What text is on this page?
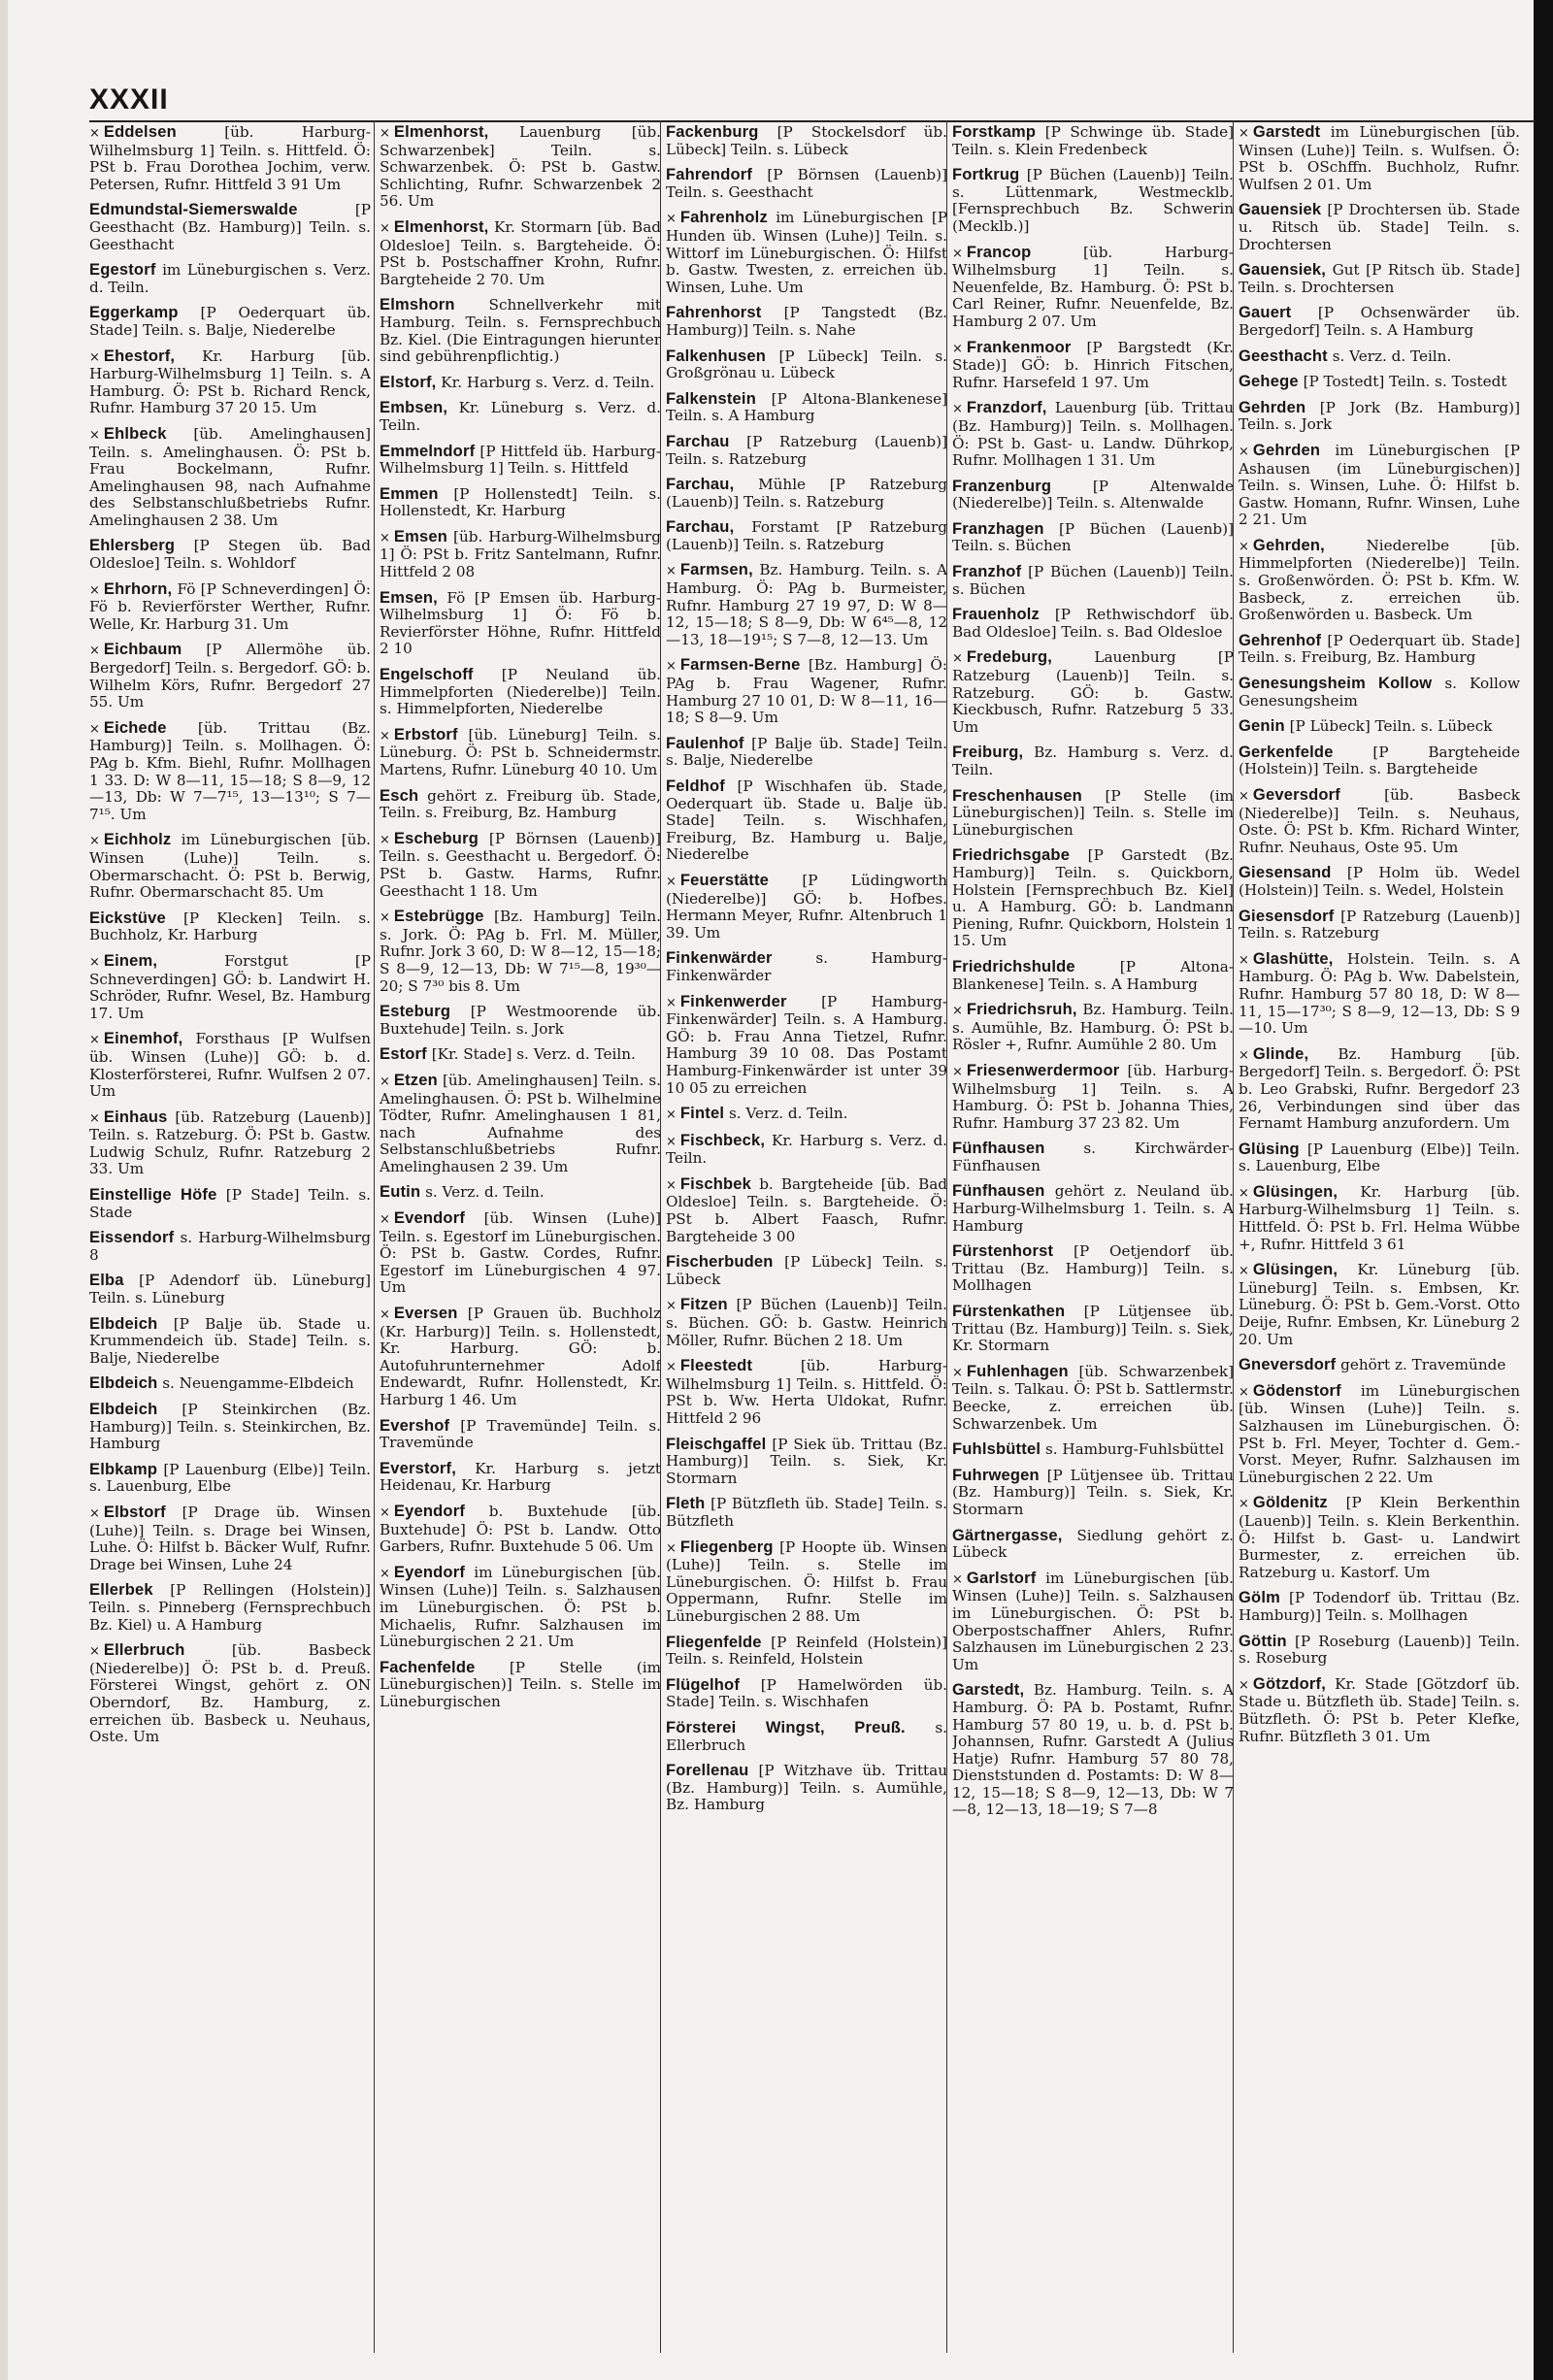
XXXII
× Eddelsen	[üb. Harburg-Wilhelmsburg 1] Teiln. s. Hittfeld. Ö: PSt b. Frau Dorothea Jochim, verw. Petersen, Rufnr. Hittfeld 3 91 Um
Edmundstal-Siemerswalde	[P Geesthacht (Bz. Hamburg)] Teiln. s. Geesthacht
Egestorf im Lüneburgischen s. Verz. d. Teiln.
Eggerkamp [P Oederquart üb. Stade] Teiln. s. Balje, Niederelbe
× Ehestorf, Kr. Harburg [üb. Harburg-Wilhelmsburg 1] Teiln. s. A Hamburg. Ö: PSt b. Richard Renck, Rufnr. Hamburg 37 20 15. Um
× Ehlbeck [üb. Amelinghausen] Teiln. s. Amelinghausen. Ö: PSt b. Frau Bockelmann, Rufnr. Amelinghausen 98, nach Aufnahme des Selbstanschlußbetriebs Rufnr. Amelinghausen 2 38. Um
Ehlersberg [P Stegen üb. Bad Oldesloe] Teiln. s. Wohldorf
× Ehrhorn, Fö [P Schneverdingen] Ö: Fö b. Revierförster Werther, Rufnr. Welle, Kr. Harburg 31. Um
× Eichbaum [P Allermöhe üb. Bergedorf] Teiln. s. Bergedorf. GÖ: b. Wilhelm Körs, Rufnr. Bergedorf 27 55. Um
× Eichede [üb. Trittau (Bz. Hamburg)] Teiln. s. Mollhagen. Ö: PAg b. Kfm. Biehl, Rufnr. Mollhagen 1 33. D: W 8—11, 15—18; S 8—9, 12—13, Db: W 7—7¹⁵, 13—13¹⁰; S 7—7¹⁵. Um
× Eichholz im Lüneburgischen [üb. Winsen (Luhe)] Teiln. s. Obermarschacht. Ö: PSt b. Berwig, Rufnr. Obermarschacht 85. Um
Eickstüve [P Klecken] Teiln. s. Buchholz, Kr. Harburg
× Einem,	Forstgut [P Schneverdingen] GÖ: b. Landwirt H. Schröder, Rufnr. Wesel, Bz. Hamburg 17. Um
× Einemhof, Forsthaus [P Wulfsen üb. Winsen (Luhe)] GÖ: b. d. Klosterförsterei, Rufnr. Wulfsen 2 07. Um
× Einhaus [üb. Ratzeburg (Lauenb)] Teiln. s. Ratzeburg. Ö: PSt b. Gastw. Ludwig Schulz, Rufnr. Ratzeburg 2 33. Um
Einstellige Höfe [P Stade] Teiln. s. Stade
Eissendorf s. Harburg-Wilhelmsburg 8
Elba [P Adendorf üb. Lüneburg] Teiln. s. Lüneburg
Elbdeich [P Balje üb. Stade u. Krummendeich üb. Stade] Teiln. s. Balje, Niederelbe
Elbdeich s. Neuengamme-Elbdeich
Elbdeich [P Steinkirchen (Bz. Hamburg)] Teiln. s. Steinkirchen, Bz. Hamburg
Elbkamp [P Lauenburg (Elbe)] Teiln. s. Lauenburg, Elbe
× Elbstorf [P Drage üb. Winsen (Luhe)] Teiln. s. Drage bei Winsen, Luhe. Ö: Hilfst b. Bäcker Wulf, Rufnr. Drage bei Winsen, Luhe 24
Ellerbek [P Rellingen (Holstein)] Teiln. s. Pinneberg (Fernsprechbuch Bz. Kiel) u. A Hamburg
× Ellerbruch	[üb. Basbeck (Niederelbe)] Ö: PSt b. d. Preuß. Försterei Wingst, gehört z. ON Oberndorf, Bz. Hamburg, z. erreichen üb. Basbeck u. Neuhaus, Oste. Um
× Elmenhorst, Lauenburg [üb. Schwarzenbek] Teiln. s. Schwarzenbek. Ö: PSt b. Gastw. Schlichting, Rufnr. Schwarzenbek 2 56. Um
× Elmenhorst, Kr. Stormarn [üb. Bad Oldesloe] Teiln. s. Bargteheide. Ö: PSt b. Postschaffner Krohn, Rufnr. Bargteheide 2 70. Um
Elmshorn Schnellverkehr mit Hamburg. Teiln. s. Fernsprechbuch Bz. Kiel. (Die Eintragungen hierunter sind gebührenpflichtig.)
Elstorf, Kr. Harburg s. Verz. d. Teiln.
Embsen, Kr. Lüneburg s. Verz. d. Teiln.
Emmelndorf [P Hittfeld üb. Harburg-Wilhelmsburg 1] Teiln. s. Hittfeld
Emmen [P Hollenstedt] Teiln. s. Hollenstedt, Kr. Harburg
× Emsen [üb. Harburg-Wilhelmsburg 1] Ö: PSt b. Fritz Santelmann, Rufnr. Hittfeld 2 08
Emsen, Fö [P Emsen üb. Harburg-Wilhelmsburg 1] Ö: Fö b. Revierförster Höhne, Rufnr. Hittfeld 2 10
Engelschoff [P Neuland üb. Himmelpforten (Niederelbe)] Teiln. s. Himmelpforten, Niederelbe
× Erbstorf [üb. Lüneburg] Teiln. s. Lüneburg. Ö: PSt b. Schneidermstr. Martens, Rufnr. Lüneburg 40 10. Um
Esch gehört z. Freiburg üb. Stade, Teiln. s. Freiburg, Bz. Hamburg
× Escheburg [P Börnsen (Lauenb)] Teiln. s. Geesthacht u. Bergedorf. Ö: PSt b. Gastw. Harms, Rufnr. Geesthacht 1 18. Um
× Estebrügge [Bz. Hamburg] Teiln. s. Jork. Ö: PAg b. Frl. M. Müller, Rufnr. Jork 3 60, D: W 8—12, 15—18; S 8—9, 12—13, Db: W 7¹⁵—8, 19³⁰—20; S 7³⁰ bis 8. Um
Esteburg [P Westmoorende üb. Buxtehude] Teiln. s. Jork
Estorf [Kr. Stade] s. Verz. d. Teiln.
× Etzen [üb. Amelinghausen] Teiln. s. Amelinghausen. Ö: PSt b. Wilhelmine Tödter, Rufnr. Amelinghausen 1 81, nach Aufnahme des Selbstanschlußbetriebs Rufnr. Amelinghausen 2 39. Um
Eutin s. Verz. d. Teiln.
× Evendorf [üb. Winsen (Luhe)] Teiln. s. Egestorf im Lüneburgischen. Ö: PSt b. Gastw. Cordes, Rufnr. Egestorf im Lüneburgischen 4 97. Um
× Eversen [P Grauen üb. Buchholz (Kr. Harburg)] Teiln. s. Hollenstedt, Kr. Harburg. GÖ: b. Autofuhrunternehmer Adolf Endewardt, Rufnr. Hollenstedt, Kr. Harburg 1 46. Um
Evershof [P Travemünde] Teiln. s. Travemünde
Everstorf, Kr. Harburg s. jetzt Heidenau, Kr. Harburg
× Eyendorf b. Buxtehude [üb. Buxtehude] Ö: PSt b. Landw. Otto Garbers, Rufnr. Buxtehude 5 06. Um
× Eyendorf im Lüneburgischen [üb. Winsen (Luhe)] Teiln. s. Salzhausen im Lüneburgischen. Ö: PSt b. Michaelis, Rufnr. Salzhausen im Lüneburgischen 2 21. Um
Fachenfelde [P Stelle (im Lüneburgischen)] Teiln. s. Stelle im Lüneburgischen
Fackenburg [P Stockelsdorf üb. Lübeck] Teiln. s. Lübeck
Fahrendorf [P Börnsen (Lauenb)] Teiln. s. Geesthacht
× Fahrenholz im Lüneburgischen [P Hunden üb. Winsen (Luhe)] Teiln. s. Wittorf im Lüneburgischen. Ö: Hilfst b. Gastw. Twesten, z. erreichen üb. Winsen, Luhe. Um
Fahrenhorst [P Tangstedt (Bz. Hamburg)] Teiln. s. Nahe
Falkenhusen [P Lübeck] Teiln. s. Großgrönau u. Lübeck
Falkenstein [P Altona-Blankenese] Teiln. s. A Hamburg
Farchau [P Ratzeburg (Lauenb)] Teiln. s. Ratzeburg
Farchau, Mühle [P Ratzeburg (Lauenb)] Teiln. s. Ratzeburg
Farchau, Forstamt [P Ratzeburg (Lauenb)] Teiln. s. Ratzeburg
× Farmsen, Bz. Hamburg. Teiln. s. A Hamburg. Ö: PAg b. Burmeister, Rufnr. Hamburg 27 19 97, D: W 8—12, 15—18; S 8—9, Db: W 6⁴⁵—8, 12—13, 18—19¹⁵; S 7—8, 12—13. Um
× Farmsen-Berne [Bz. Hamburg] Ö: PAg b. Frau Wagener, Rufnr. Hamburg 27 10 01, D: W 8—11, 16—18; S 8—9. Um
Faulenhof [P Balje üb. Stade] Teiln. s. Balje, Niederelbe
Feldhof [P Wischhafen üb. Stade, Oederquart üb. Stade u. Balje üb. Stade] Teiln. s. Wischhafen, Freiburg, Bz. Hamburg u. Balje, Niederelbe
× Feuerstätte [P Lüdingworth (Niederelbe)] GÖ: b. Hofbes. Hermann Meyer, Rufnr. Altenbruch 1 39. Um
Finkenwärder	s. Hamburg-Finkenwärder
× Finkenwerder [P Hamburg-Finkenwärder] Teiln. s. A Hamburg. GÖ: b. Frau Anna Tietzel, Rufnr. Hamburg 39 10 08. Das Postamt Hamburg-Finkenwärder ist unter 39 10 05 zu erreichen
× Fintel s. Verz. d. Teiln.
× Fischbeck, Kr. Harburg s. Verz. d. Teiln.
× Fischbek b. Bargteheide [üb. Bad Oldesloe] Teiln. s. Bargteheide. Ö: PSt b. Albert Faasch, Rufnr. Bargteheide 3 00
Fischerbuden [P Lübeck] Teiln. s. Lübeck
× Fitzen [P Büchen (Lauenb)] Teiln. s. Büchen. GÖ: b. Gastw. Heinrich Möller, Rufnr. Büchen 2 18. Um
× Fleestedt	[üb. Harburg-Wilhelmsburg 1] Teiln. s. Hittfeld. Ö: PSt b. Ww. Herta Uldokat, Rufnr. Hittfeld 2 96
Fleischgaffel [P Siek üb. Trittau (Bz. Hamburg)] Teiln. s. Siek, Kr. Stormarn
Fleth [P Bützfleth üb. Stade] Teiln. s. Bützfleth
× Fliegenberg [P Hoopte üb. Winsen (Luhe)] Teiln. s. Stelle im Lüneburgischen. Ö: Hilfst b. Frau Oppermann, Rufnr. Stelle im Lüneburgischen 2 88. Um
Fliegenfelde [P Reinfeld (Holstein)] Teiln. s. Reinfeld, Holstein
Flügelhof [P Hamelwörden üb. Stade] Teiln. s. Wischhafen
Försterei Wingst, Preuß. s. Ellerbruch
Forellenau [P Witzhave üb. Trittau (Bz. Hamburg)] Teiln. s. Aumühle, Bz. Hamburg
Forstkamp [P Schwinge üb. Stade] Teiln. s. Klein Fredenbeck
Fortkrug [P Büchen (Lauenb)] Teiln. s. Lüttenmark, Westmecklb. [Fernsprechbuch Bz. Schwerin (Mecklb.)]
× Francop	[üb. Harburg-Wilhelmsburg 1] Teiln. s. Neuenfelde, Bz. Hamburg. Ö: PSt b. Carl Reiner, Rufnr. Neuenfelde, Bz. Hamburg 2 07. Um
× Frankenmoor [P Bargstedt (Kr. Stade)] GÖ: b. Hinrich Fitschen, Rufnr. Harsefeld 1 97. Um
× Franzdorf, Lauenburg [üb. Trittau (Bz. Hamburg)] Teiln. s. Mollhagen. Ö: PSt b. Gast- u. Landw. Dührkop, Rufnr. Mollhagen 1 31. Um
Franzenburg	[P Altenwalde (Niederelbe)] Teiln. s. Altenwalde
Franzhagen [P Büchen (Lauenb)] Teiln. s. Büchen
Franzhof [P Büchen (Lauenb)] Teiln. s. Büchen
Frauenholz [P Rethwischdorf üb. Bad Oldesloe] Teiln. s. Bad Oldesloe
× Fredeburg,	Lauenburg [P Ratzeburg (Lauenb)] Teiln. s. Ratzeburg. GÖ: b. Gastw. Kieckbusch, Rufnr. Ratzeburg 5 33. Um
Freiburg, Bz. Hamburg s. Verz. d. Teiln.
Freschenhausen [P Stelle (im Lüneburgischen)] Teiln. s. Stelle im Lüneburgischen
Friedrichsgabe [P Garstedt (Bz. Hamburg)] Teiln. s. Quickborn, Holstein [Fernsprechbuch Bz. Kiel] u. A Hamburg. GÖ: b. Landmann Piening, Rufnr. Quickborn, Holstein 1 15. Um
Friedrichshulde	[P Altona-Blankenese] Teiln. s. A Hamburg
× Friedrichsruh, Bz. Hamburg. Teiln. s. Aumühle, Bz. Hamburg. Ö: PSt b. Rösler +, Rufnr. Aumühle 2 80. Um
× Friesenwerdermoor [üb. Harburg-Wilhelmsburg 1] Teiln. s. A Hamburg. Ö: PSt b. Johanna Thies, Rufnr. Hamburg 37 23 82. Um
Fünfhausen	s. Kirchwärder-Fünfhausen
Fünfhausen gehört z. Neuland üb. Harburg-Wilhelmsburg 1. Teiln. s. A Hamburg
Fürstenhorst [P Oetjendorf üb. Trittau (Bz. Hamburg)] Teiln. s. Mollhagen
Fürstenkathen [P Lütjensee üb. Trittau (Bz. Hamburg)] Teiln. s. Siek, Kr. Stormarn
× Fuhlenhagen [üb. Schwarzenbek] Teiln. s. Talkau. Ö: PSt b. Sattlermstr. Beecke, z. erreichen üb. Schwarzenbek. Um
Fuhlsbüttel s. Hamburg-Fuhlsbüttel
Fuhrwegen [P Lütjensee üb. Trittau (Bz. Hamburg)] Teiln. s. Siek, Kr. Stormarn
Gärtnergasse, Siedlung gehört z. Lübeck
× Garlstorf im Lüneburgischen [üb. Winsen (Luhe)] Teiln. s. Salzhausen im Lüneburgischen. Ö: PSt b. Oberpostschaffner Ahlers, Rufnr. Salzhausen im Lüneburgischen 2 23. Um
Garstedt, Bz. Hamburg. Teiln. s. A Hamburg. Ö: PA b. Postamt, Rufnr. Hamburg 57 80 19, u. b. d. PSt b. Johannsen, Rufnr. Garstedt A (Julius Hatje) Rufnr. Hamburg 57 80 78, Dienststunden d. Postamts: D: W 8—12, 15—18; S 8—9, 12—13, Db: W 7—8, 12—13, 18—19; S 7—8
× Garstedt im Lüneburgischen [üb. Winsen (Luhe)] Teiln. s. Wulfsen. Ö: PSt b. OSchffn. Buchholz, Rufnr. Wulfsen 2 01. Um
Gauensiek [P Drochtersen üb. Stade u. Ritsch üb. Stade] Teiln. s. Drochtersen
Gauensiek, Gut [P Ritsch üb. Stade] Teiln. s. Drochtersen
Gauert [P Ochsenwärder üb. Bergedorf] Teiln. s. A Hamburg
Geesthacht s. Verz. d. Teiln.
Gehege [P Tostedt] Teiln. s. Tostedt
Gehrden [P Jork (Bz. Hamburg)] Teiln. s. Jork
× Gehrden im Lüneburgischen [P Ashausen (im Lüneburgischen)] Teiln. s. Winsen, Luhe. Ö: Hilfst b. Gastw. Homann, Rufnr. Winsen, Luhe 2 21. Um
× Gehrden,	Niederelbe [üb. Himmelpforten (Niederelbe)] Teiln. s. Großenwörden. Ö: PSt b. Kfm. W. Basbeck, z. erreichen üb. Großenwörden u. Basbeck. Um
Gehrenhof [P Oederquart üb. Stade] Teiln. s. Freiburg, Bz. Hamburg
Genesungsheim Kollow s. Kollow Genesungsheim
Genin [P Lübeck] Teiln. s. Lübeck
Gerkenfelde	[P Bargteheide (Holstein)] Teiln. s. Bargteheide
× Geversdorf	[üb. Basbeck (Niederelbe)] Teiln. s. Neuhaus, Oste. Ö: PSt b. Kfm. Richard Winter, Rufnr. Neuhaus, Oste 95. Um
Giesensand [P Holm üb. Wedel (Holstein)] Teiln. s. Wedel, Holstein
Giesensdorf [P Ratzeburg (Lauenb)] Teiln. s. Ratzeburg
× Glashütte, Holstein. Teiln. s. A Hamburg. Ö: PAg b. Ww. Dabelstein, Rufnr. Hamburg 57 80 18, D: W 8—11, 15—17³⁰; S 8—9, 12—13, Db: S 9—10. Um
× Glinde, Bz. Hamburg [üb. Bergedorf] Teiln. s. Bergedorf. Ö: PSt b. Leo Grabski, Rufnr. Bergedorf 23 26, Verbindungen sind über das Fernamt Hamburg anzufordern. Um
Glüsing [P Lauenburg (Elbe)] Teiln. s. Lauenburg, Elbe
× Glüsingen, Kr. Harburg [üb. Harburg-Wilhelmsburg 1] Teiln. s. Hittfeld. Ö: PSt b. Frl. Helma Wübbe +, Rufnr. Hittfeld 3 61
× Glüsingen, Kr. Lüneburg [üb. Lüneburg] Teiln. s. Embsen, Kr. Lüneburg. Ö: PSt b. Gem.-Vorst. Otto Deije, Rufnr. Embsen, Kr. Lüneburg 2 20. Um
Gneversdorf gehört z. Travemünde
× Gödenstorf im Lüneburgischen [üb. Winsen (Luhe)] Teiln. s. Salzhausen im Lüneburgischen. Ö: PSt b. Frl. Meyer, Tochter d. Gem.-Vorst. Meyer, Rufnr. Salzhausen im Lüneburgischen 2 22. Um
× Göldenitz [P Klein Berkenthin (Lauenb)] Teiln. s. Klein Berkenthin. Ö: Hilfst b. Gast- u. Landwirt Burmester, z. erreichen üb. Ratzeburg u. Kastorf. Um
Gölm [P Todendorf üb. Trittau (Bz. Hamburg)] Teiln. s. Mollhagen
Göttin [P Roseburg (Lauenb)] Teiln. s. Roseburg
× Götzdorf, Kr. Stade [Götzdorf üb. Stade u. Bützfleth üb. Stade] Teiln. s. Bützfleth. Ö: PSt b. Peter Klefke, Rufnr. Bützfleth 3 01. Um
